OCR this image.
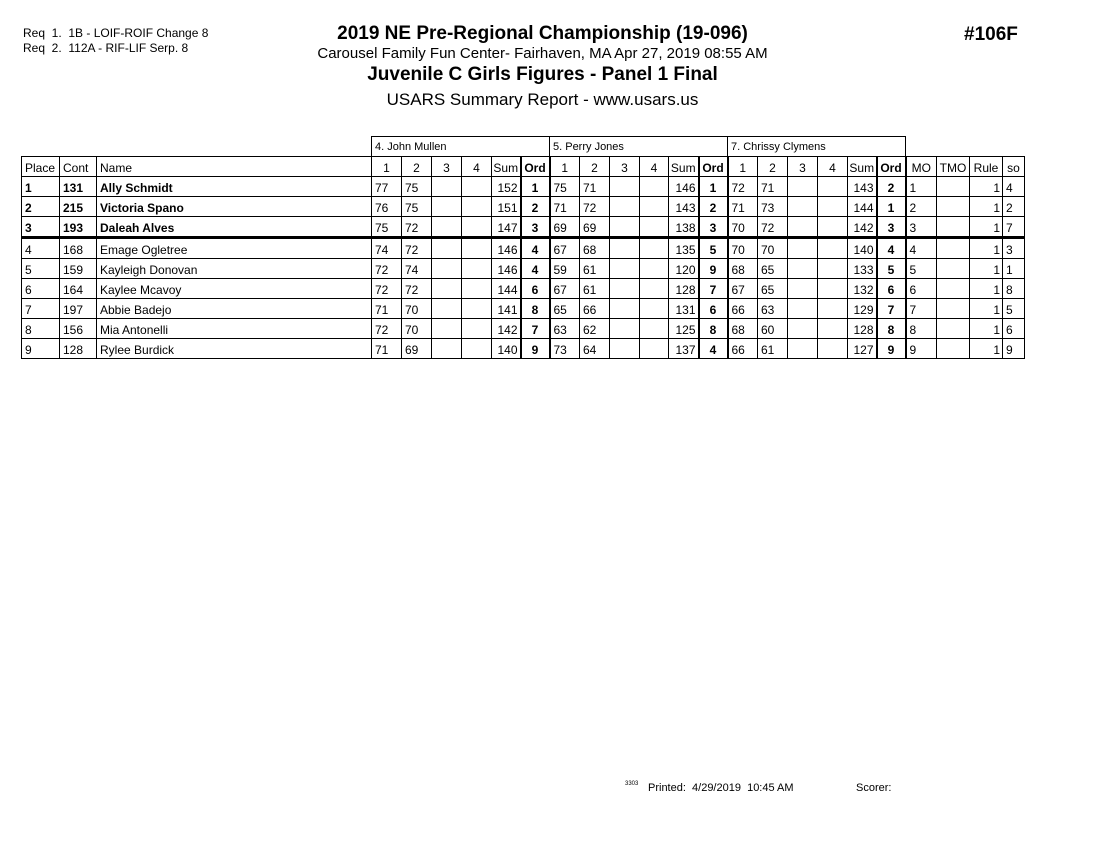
Req  1.  1B - LOIF-ROIF Change 8
Req  2.  112A - RIF-LIF Serp. 8
2019 NE Pre-Regional Championship (19-096)
Carousel Family Fun Center- Fairhaven, MA Apr 27, 2019 08:55 AM
Juvenile C Girls Figures - Panel 1 Final
USARS Summary Report - www.usars.us
#106F
			4. John Mullen						5. Perry Jones						7. Chrissy Clymens									
Place	Cont	Name	1	2	3	4	Sum	Ord	1	2	3	4	Sum	Ord	1	2	3	4	Sum	Ord	MO	TMO	Rule	so
1	131	Ally Schmidt	77	75			152	1	75	71			146	1	72	71			143	2	1		1	4
2	215	Victoria Spano	76	75			151	2	71	72			143	2	71	73			144	1	2		1	2
3	193	Daleah Alves	75	72			147	3	69	69			138	3	70	72			142	3	3		1	7
4	168	Emage Ogletree	74	72			146	4	67	68			135	5	70	70			140	4	4		1	3
5	159	Kayleigh Donovan	72	74			146	4	59	61			120	9	68	65			133	5	5		1	1
6	164	Kaylee Mcavoy	72	72			144	6	67	61			128	7	67	65			132	6	6		1	8
7	197	Abbie Badejo	71	70			141	8	65	66			131	6	66	63			129	7	7		1	5
8	156	Mia Antonelli	72	70			142	7	63	62			125	8	68	60			128	8	8		1	6
9	128	Rylee Burdick	71	69			140	9	73	64			137	4	66	61			127	9	9		1	9
3303 Printed:  4/29/2019  10:45 AM	Scorer:
